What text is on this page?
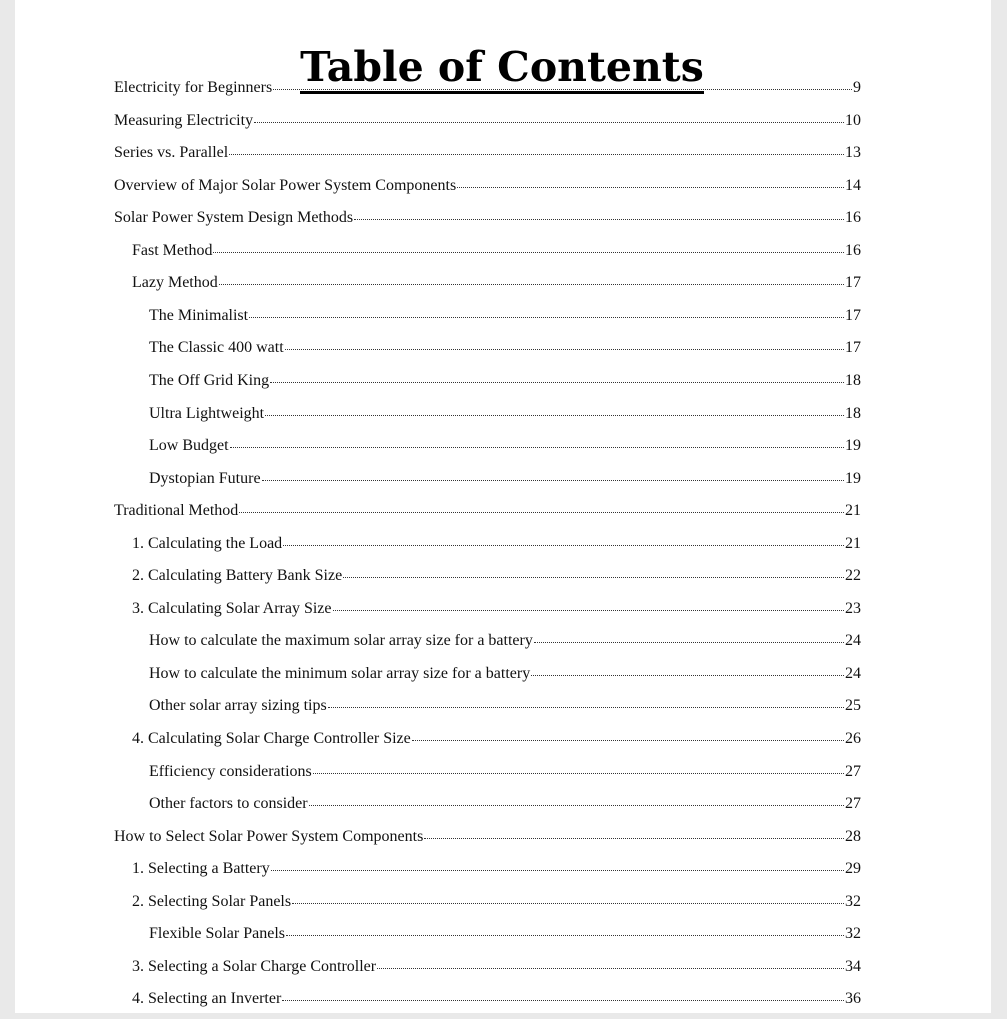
Table of Contents
Electricity for Beginners	9
Measuring Electricity	10
Series vs. Parallel	13
Overview of Major Solar Power System Components	14
Solar Power System Design Methods	16
Fast Method	16
Lazy Method	17
The Minimalist	17
The Classic 400 watt	17
The Off Grid King	18
Ultra Lightweight	18
Low Budget	19
Dystopian Future	19
Traditional Method	21
1. Calculating the Load	21
2. Calculating Battery Bank Size	22
3. Calculating Solar Array Size	23
How to calculate the maximum solar array size for a battery	24
How to calculate the minimum solar array size for a battery	24
Other solar array sizing tips	25
4. Calculating Solar Charge Controller Size	26
Efficiency considerations	27
Other factors to consider	27
How to Select Solar Power System Components	28
1. Selecting a Battery	29
2. Selecting Solar Panels	32
Flexible Solar Panels	32
3. Selecting a Solar Charge Controller	34
4. Selecting an Inverter	36
